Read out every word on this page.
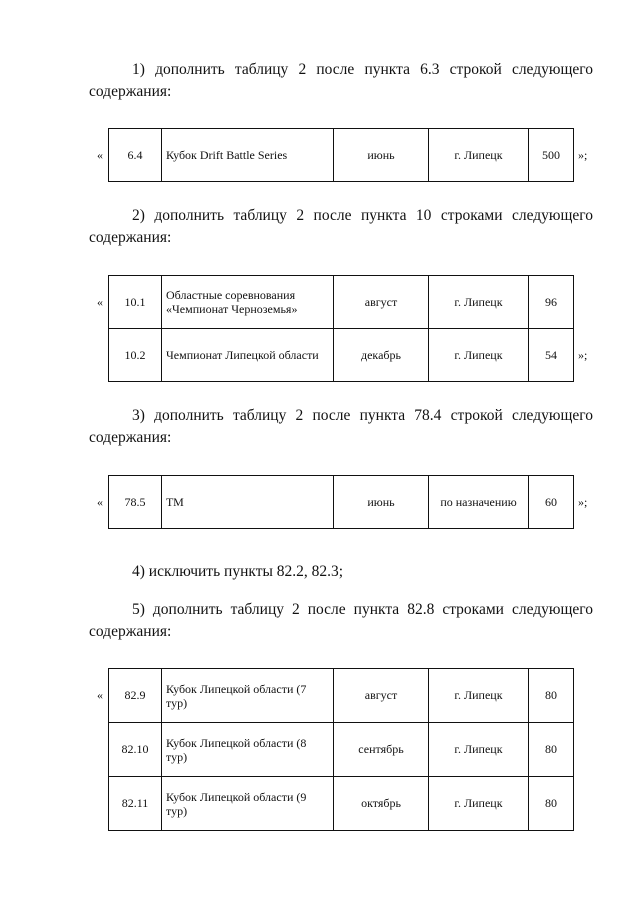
1) дополнить таблицу 2 после пункта 6.3 строкой следующего
содержания:

« 6.4	Кубок Drift Battle Series	июнь	г. Липецк	500 »;

2) дополнить таблицу 2 после пункта 10 строками следующего
содержания:

« 10.1	Областные соревнования «Чемпионат Черноземья»	август	г. Липецк	96
10.2	Чемпионат Липецкой области	декабрь	г. Липецк	54 »;

3) дополнить таблицу 2 после пункта 78.4 строкой следующего
содержания:

« 78.5	ТМ	июнь	по назначению	60 »;

4) исключить пункты 82.2, 82.3;

5) дополнить таблицу 2 после пункта 82.8 строками следующего
содержания:

« 82.9	Кубок Липецкой области (7 тур)	август	г. Липецк	80
82.10	Кубок Липецкой области (8 тур)	сентябрь	г. Липецк	80
82.11	Кубок Липецкой области (9 тур)	октябрь	г. Липецк	80
